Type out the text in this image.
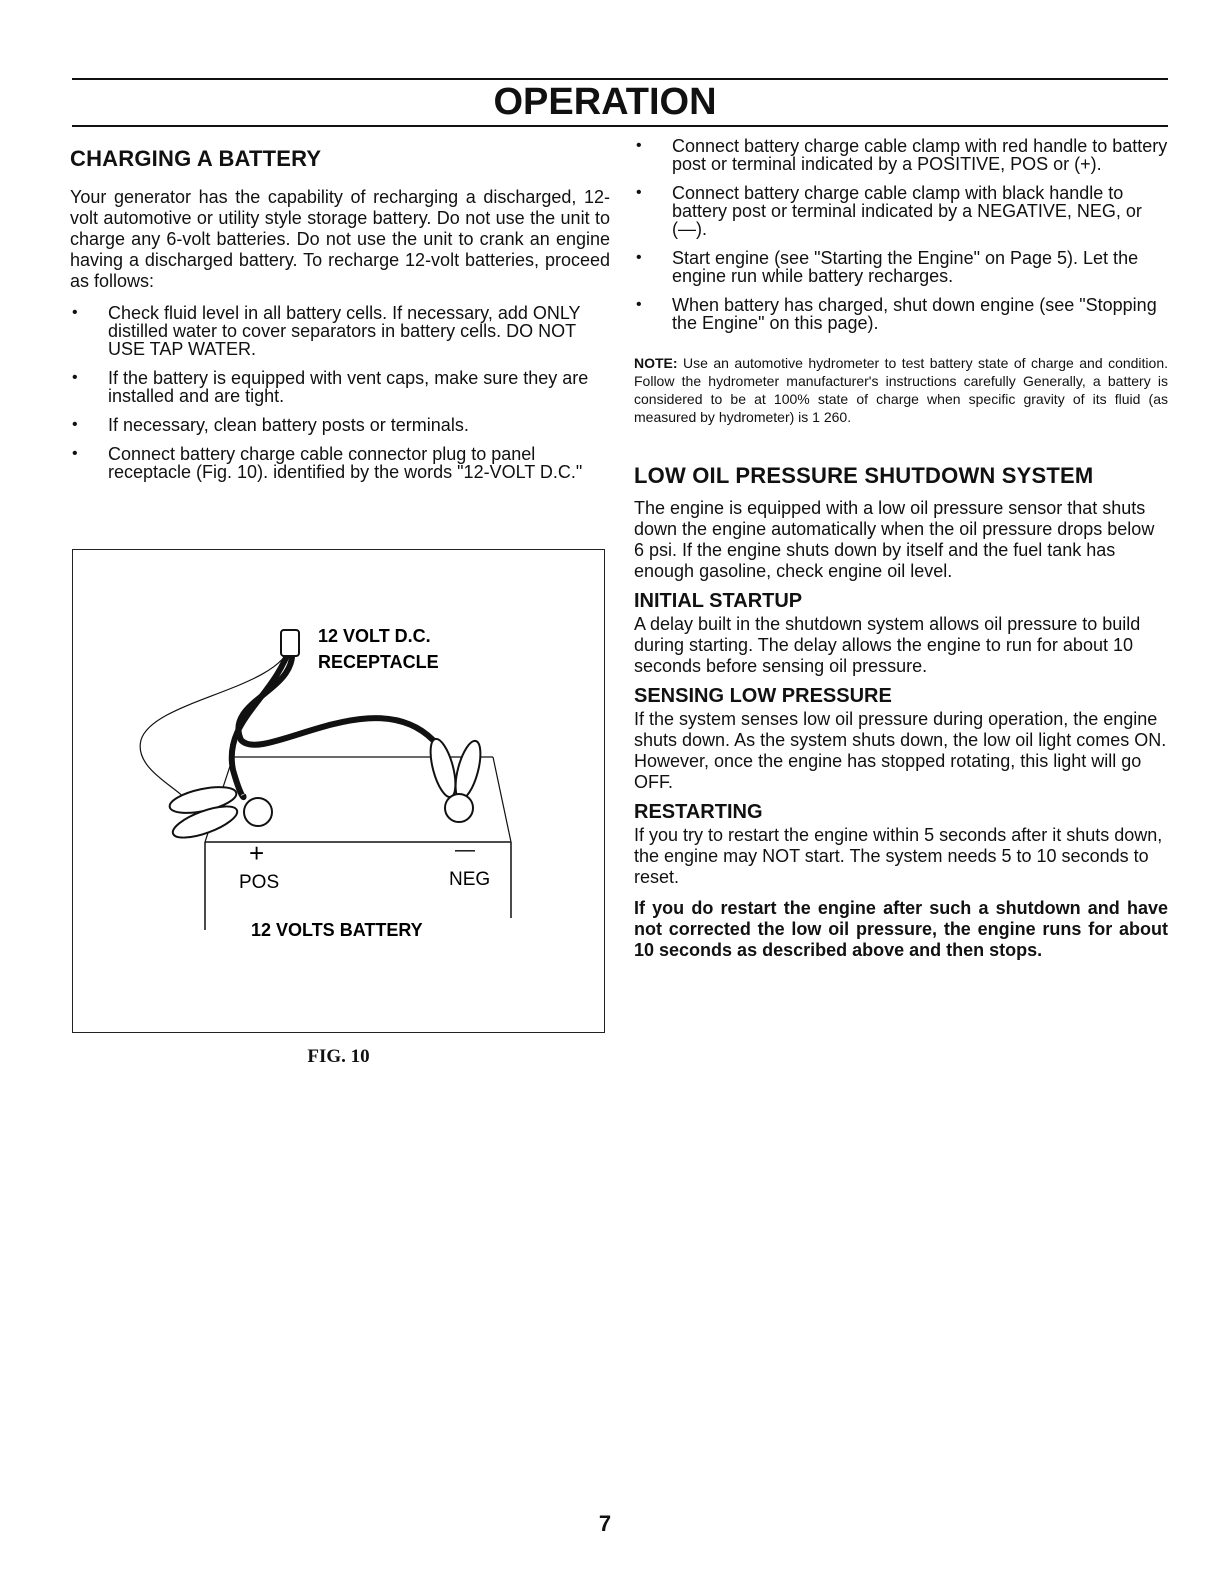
OPERATION
CHARGING A BATTERY

Your generator has the capability of recharging a discharged, 12-volt automotive or utility style storage battery. Do not use the unit to charge any 6-volt batteries. Do not use the unit to crank an engine having a discharged battery. To recharge 12-volt batteries, proceed as follows:

• Check fluid level in all battery cells. If necessary, add ONLY distilled water to cover separators in battery cells. DO NOT USE TAP WATER.
• If the battery is equipped with vent caps, make sure they are installed and are tight.
• If necessary, clean battery posts or terminals.
• Connect battery charge cable connector plug to panel receptacle (Fig. 10). identified by the words "12-VOLT D.C."
12 VOLT D.C.
RECEPTACLE
+	—
POS	NEG
12 VOLTS BATTERY
FIG. 10
• Connect battery charge cable clamp with red handle to battery post or terminal indicated by a POSITIVE, POS or (+).
• Connect battery charge cable clamp with black handle to battery post or terminal indicated by a NEGATIVE, NEG, or (—).
• Start engine (see "Starting the Engine" on Page 5). Let the engine run while battery recharges.
• When battery has charged, shut down engine (see "Stopping the Engine" on this page).

NOTE: Use an automotive hydrometer to test battery state of charge and condition. Follow the hydrometer manufacturer's instructions carefully Generally, a battery is considered to be at 100% state of charge when specific gravity of its fluid (as measured by hydrometer) is 1 260.

LOW OIL PRESSURE SHUTDOWN SYSTEM

The engine is equipped with a low oil pressure sensor that shuts down the engine automatically when the oil pressure drops below 6 psi. If the engine shuts down by itself and the fuel tank has enough gasoline, check engine oil level.

INITIAL STARTUP

A delay built in the shutdown system allows oil pressure to build during starting. The delay allows the engine to run for about 10 seconds before sensing oil pressure.

SENSING LOW PRESSURE

If the system senses low oil pressure during operation, the engine shuts down. As the system shuts down, the low oil light comes ON. However, once the engine has stopped rotating, this light will go OFF.

RESTARTING

If you try to restart the engine within 5 seconds after it shuts down, the engine may NOT start. The system needs 5 to 10 seconds to reset.

If you do restart the engine after such a shutdown and have not corrected the low oil pressure, the engine runs for about 10 seconds as described above and then stops.

7
